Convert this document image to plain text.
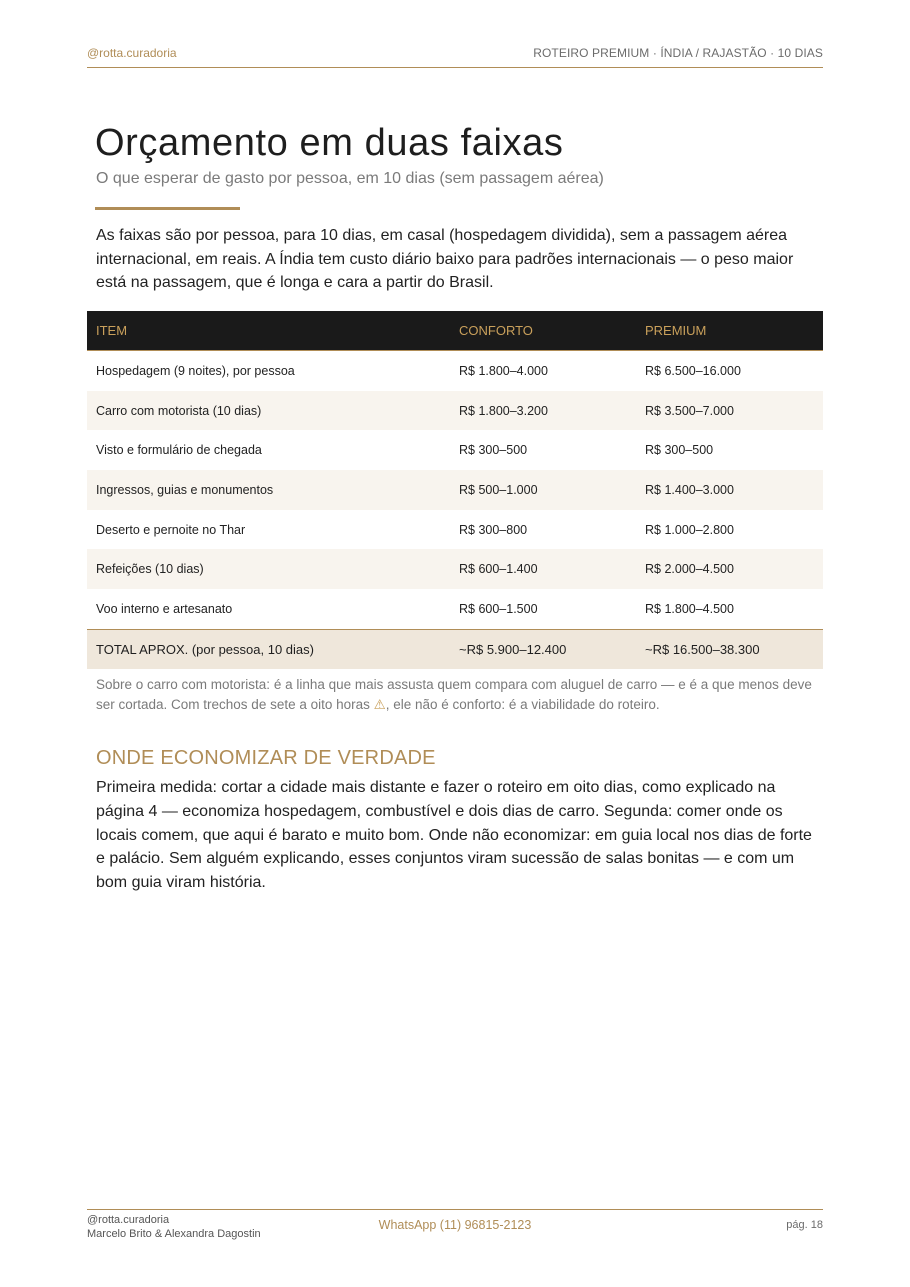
@rotta.curadoria	ROTEIRO PREMIUM · ÍNDIA / RAJASTÃO · 10 DIAS
Orçamento em duas faixas
O que esperar de gasto por pessoa, em 10 dias (sem passagem aérea)

As faixas são por pessoa, para 10 dias, em casal (hospedagem dividida), sem a passagem aérea internacional, em reais. A Índia tem custo diário baixo para padrões internacionais — o peso maior está na passagem, que é longa e cara a partir do Brasil.

ITEM	CONFORTO	PREMIUM
Hospedagem (9 noites), por pessoa	R$ 1.800–4.000	R$ 6.500–16.000
Carro com motorista (10 dias)	R$ 1.800–3.200	R$ 3.500–7.000
Visto e formulário de chegada	R$ 300–500	R$ 300–500
Ingressos, guias e monumentos	R$ 500–1.000	R$ 1.400–3.000
Deserto e pernoite no Thar	R$ 300–800	R$ 1.000–2.800
Refeições (10 dias)	R$ 600–1.400	R$ 2.000–4.500
Voo interno e artesanato	R$ 600–1.500	R$ 1.800–4.500
TOTAL APROX. (por pessoa, 10 dias)	~R$ 5.900–12.400	~R$ 16.500–38.300
Sobre o carro com motorista: é a linha que mais assusta quem compara com aluguel de carro — e é a que menos deve ser cortada. Com trechos de sete a oito horas ⚠, ele não é conforto: é a viabilidade do roteiro.
ONDE ECONOMIZAR DE VERDADE

Primeira medida: cortar a cidade mais distante e fazer o roteiro em oito dias, como explicado na página 4 — economiza hospedagem, combustível e dois dias de carro. Segunda: comer onde os locais comem, que aqui é barato e muito bom. Onde não economizar: em guia local nos dias de forte e palácio. Sem alguém explicando, esses conjuntos viram sucessão de salas bonitas — e com um bom guia viram história.

@rotta.curadoria
Marcelo Brito & Alexandra Dagostin
WhatsApp (11) 96815-2123	pág. 18
